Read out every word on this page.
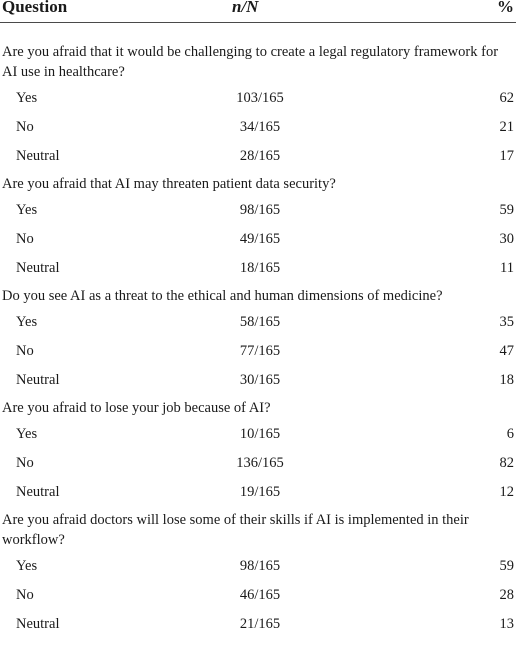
Question	n/N	%
Are you afraid that it would be challenging to create a legal regulatory framework for AI use in healthcare?
Yes	103/165	62
No	34/165	21
Neutral	28/165	17
Are you afraid that AI may threaten patient data security?
Yes	98/165	59
No	49/165	30
Neutral	18/165	11
Do you see AI as a threat to the ethical and human dimensions of medicine?
Yes	58/165	35
No	77/165	47
Neutral	30/165	18
Are you afraid to lose your job because of AI?
Yes	10/165	6
No	136/165	82
Neutral	19/165	12
Are you afraid doctors will lose some of their skills if AI is implemented in their workflow?
Yes	98/165	59
No	46/165	28
Neutral	21/165	13
